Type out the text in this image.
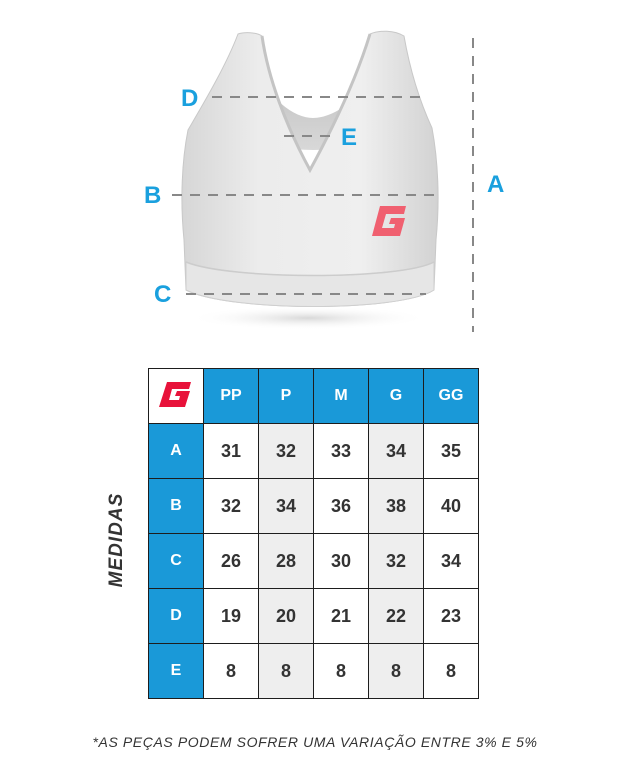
D
E
B
C
A
MEDIDAS
	PP	P	M	G	GG
A	31	32	33	34	35
B	32	34	36	38	40
C	26	28	30	32	34
D	19	20	21	22	23
E	8	8	8	8	8
*AS PEÇAS PODEM SOFRER UMA VARIAÇÃO ENTRE 3% E 5%
